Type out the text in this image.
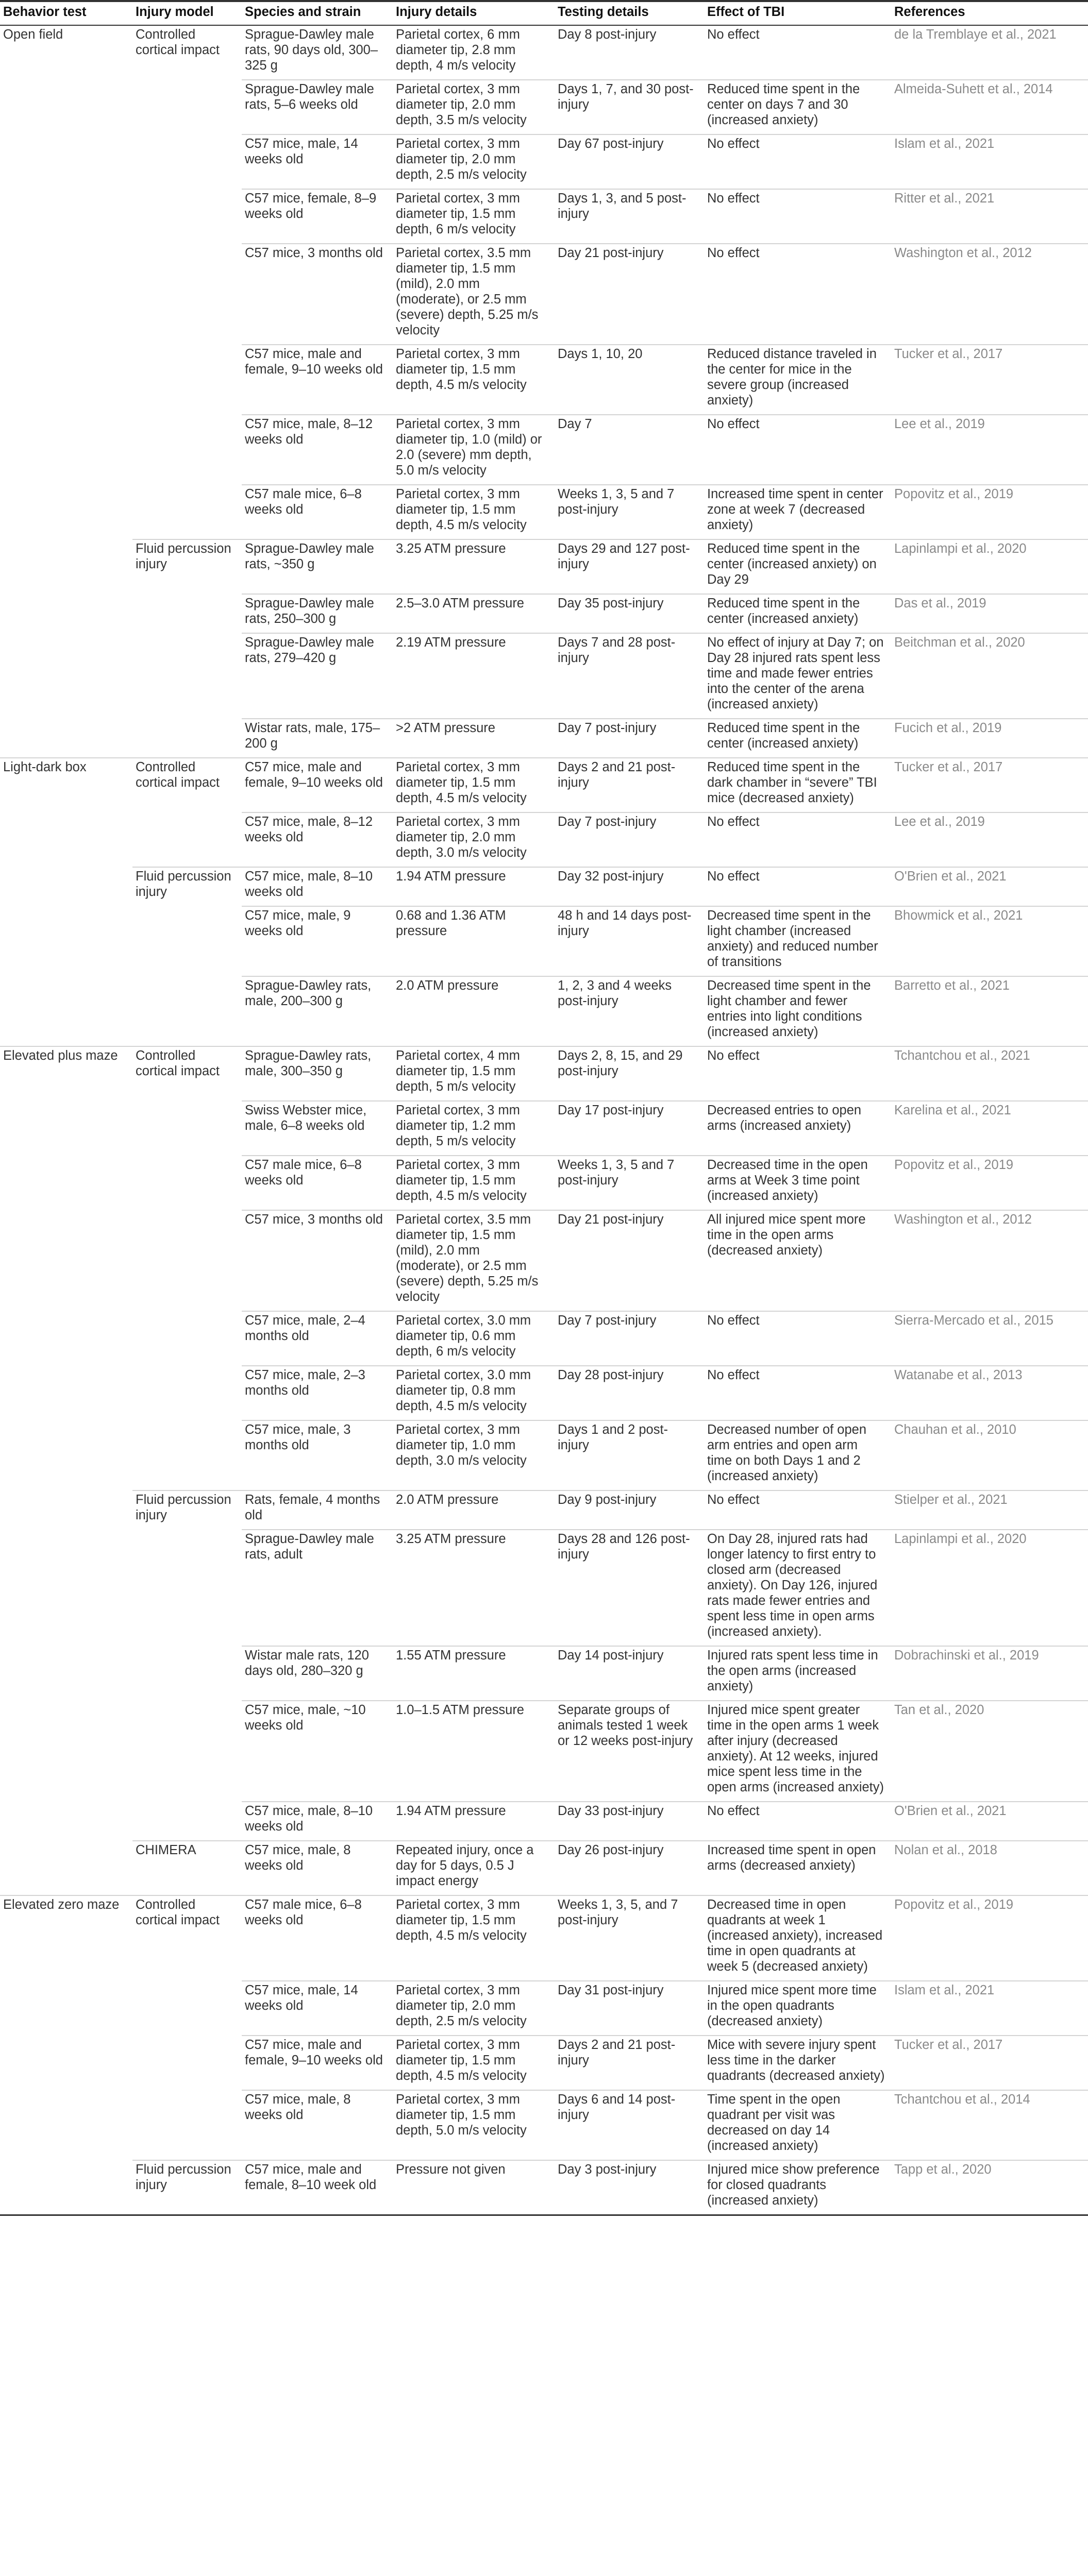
Behavior test	Injury model	Species and strain	Injury details	Testing details	Effect of TBI	References
Open field	Controlled cortical impact	Sprague-Dawley male rats, 90 days old, 300–325 g	Parietal cortex, 6 mm diameter tip, 2.8 mm depth, 4 m/s velocity	Day 8 post-injury	No effect	de la Tremblaye et al., 2021
		Sprague-Dawley male rats, 5–6 weeks old	Parietal cortex, 3 mm diameter tip, 2.0 mm depth, 3.5 m/s velocity	Days 1, 7, and 30 post-injury	Reduced time spent in the center on days 7 and 30 (increased anxiety)	Almeida-Suhett et al., 2014
		C57 mice, male, 14 weeks old	Parietal cortex, 3 mm diameter tip, 2.0 mm depth, 2.5 m/s velocity	Day 67 post-injury	No effect	Islam et al., 2021
		C57 mice, female, 8–9 weeks old	Parietal cortex, 3 mm diameter tip, 1.5 mm depth, 6 m/s velocity	Days 1, 3, and 5 post-injury	No effect	Ritter et al., 2021
		C57 mice, 3 months old	Parietal cortex, 3.5 mm diameter tip, 1.5 mm (mild), 2.0 mm (moderate), or 2.5 mm (severe) depth, 5.25 m/s velocity	Day 21 post-injury	No effect	Washington et al., 2012
		C57 mice, male and female, 9–10 weeks old	Parietal cortex, 3 mm diameter tip, 1.5 mm depth, 4.5 m/s velocity	Days 1, 10, 20	Reduced distance traveled in the center for mice in the severe group (increased anxiety)	Tucker et al., 2017
		C57 mice, male, 8–12 weeks old	Parietal cortex, 3 mm diameter tip, 1.0 (mild) or 2.0 (severe) mm depth, 5.0 m/s velocity	Day 7	No effect	Lee et al., 2019
		C57 male mice, 6–8 weeks old	Parietal cortex, 3 mm diameter tip, 1.5 mm depth, 4.5 m/s velocity	Weeks 1, 3, 5 and 7 post-injury	Increased time spent in center zone at week 7 (decreased anxiety)	Popovitz et al., 2019
	Fluid percussion injury	Sprague-Dawley male rats, ~350 g	3.25 ATM pressure	Days 29 and 127 post-injury	Reduced time spent in the center (increased anxiety) on Day 29	Lapinlampi et al., 2020
		Sprague-Dawley male rats, 250–300 g	2.5–3.0 ATM pressure	Day 35 post-injury	Reduced time spent in the center (increased anxiety)	Das et al., 2019
		Sprague-Dawley male rats, 279–420 g	2.19 ATM pressure	Days 7 and 28 post-injury	No effect of injury at Day 7; on Day 28 injured rats spent less time and made fewer entries into the center of the arena (increased anxiety)	Beitchman et al., 2020
		Wistar rats, male, 175–200 g	>2 ATM pressure	Day 7 post-injury	Reduced time spent in the center (increased anxiety)	Fucich et al., 2019
Light-dark box	Controlled cortical impact	C57 mice, male and female, 9–10 weeks old	Parietal cortex, 3 mm diameter tip, 1.5 mm depth, 4.5 m/s velocity	Days 2 and 21 post-injury	Reduced time spent in the dark chamber in “severe” TBI mice (decreased anxiety)	Tucker et al., 2017
		C57 mice, male, 8–12 weeks old	Parietal cortex, 3 mm diameter tip, 2.0 mm depth, 3.0 m/s velocity	Day 7 post-injury	No effect	Lee et al., 2019
	Fluid percussion injury	C57 mice, male, 8–10 weeks old	1.94 ATM pressure	Day 32 post-injury	No effect	O'Brien et al., 2021
		C57 mice, male, 9 weeks old	0.68 and 1.36 ATM pressure	48 h and 14 days post-injury	Decreased time spent in the light chamber (increased anxiety) and reduced number of transitions	Bhowmick et al., 2021
		Sprague-Dawley rats, male, 200–300 g	2.0 ATM pressure	1, 2, 3 and 4 weeks post-injury	Decreased time spent in the light chamber and fewer entries into light conditions (increased anxiety)	Barretto et al., 2021
Elevated plus maze	Controlled cortical impact	Sprague-Dawley rats, male, 300–350 g	Parietal cortex, 4 mm diameter tip, 1.5 mm depth, 5 m/s velocity	Days 2, 8, 15, and 29 post-injury	No effect	Tchantchou et al., 2021
		Swiss Webster mice, male, 6–8 weeks old	Parietal cortex, 3 mm diameter tip, 1.2 mm depth, 5 m/s velocity	Day 17 post-injury	Decreased entries to open arms (increased anxiety)	Karelina et al., 2021
		C57 male mice, 6–8 weeks old	Parietal cortex, 3 mm diameter tip, 1.5 mm depth, 4.5 m/s velocity	Weeks 1, 3, 5 and 7 post-injury	Decreased time in the open arms at Week 3 time point (increased anxiety)	Popovitz et al., 2019
		C57 mice, 3 months old	Parietal cortex, 3.5 mm diameter tip, 1.5 mm (mild), 2.0 mm (moderate), or 2.5 mm (severe) depth, 5.25 m/s velocity	Day 21 post-injury	All injured mice spent more time in the open arms (decreased anxiety)	Washington et al., 2012
		C57 mice, male, 2–4 months old	Parietal cortex, 3.0 mm diameter tip, 0.6 mm depth, 6 m/s velocity	Day 7 post-injury	No effect	Sierra-Mercado et al., 2015
		C57 mice, male, 2–3 months old	Parietal cortex, 3.0 mm diameter tip, 0.8 mm depth, 4.5 m/s velocity	Day 28 post-injury	No effect	Watanabe et al., 2013
		C57 mice, male, 3 months old	Parietal cortex, 3 mm diameter tip, 1.0 mm depth, 3.0 m/s velocity	Days 1 and 2 post-injury	Decreased number of open arm entries and open arm time on both Days 1 and 2 (increased anxiety)	Chauhan et al., 2010
	Fluid percussion injury	Rats, female, 4 months old	2.0 ATM pressure	Day 9 post-injury	No effect	Stielper et al., 2021
		Sprague-Dawley male rats, adult	3.25 ATM pressure	Days 28 and 126 post-injury	On Day 28, injured rats had longer latency to first entry to closed arm (decreased anxiety). On Day 126, injured rats made fewer entries and spent less time in open arms (increased anxiety).	Lapinlampi et al., 2020
		Wistar male rats, 120 days old, 280–320 g	1.55 ATM pressure	Day 14 post-injury	Injured rats spent less time in the open arms (increased anxiety)	Dobrachinski et al., 2019
		C57 mice, male, ~10 weeks old	1.0–1.5 ATM pressure	Separate groups of animals tested 1 week or 12 weeks post-injury	Injured mice spent greater time in the open arms 1 week after injury (decreased anxiety). At 12 weeks, injured mice spent less time in the open arms (increased anxiety)	Tan et al., 2020
		C57 mice, male, 8–10 weeks old	1.94 ATM pressure	Day 33 post-injury	No effect	O'Brien et al., 2021
	CHIMERA	C57 mice, male, 8 weeks old	Repeated injury, once a day for 5 days, 0.5 J impact energy	Day 26 post-injury	Increased time spent in open arms (decreased anxiety)	Nolan et al., 2018
Elevated zero maze	Controlled cortical impact	C57 male mice, 6–8 weeks old	Parietal cortex, 3 mm diameter tip, 1.5 mm depth, 4.5 m/s velocity	Weeks 1, 3, 5, and 7 post-injury	Decreased time in open quadrants at week 1 (increased anxiety), increased time in open quadrants at week 5 (decreased anxiety)	Popovitz et al., 2019
		C57 mice, male, 14 weeks old	Parietal cortex, 3 mm diameter tip, 2.0 mm depth, 2.5 m/s velocity	Day 31 post-injury	Injured mice spent more time in the open quadrants (decreased anxiety)	Islam et al., 2021
		C57 mice, male and female, 9–10 weeks old	Parietal cortex, 3 mm diameter tip, 1.5 mm depth, 4.5 m/s velocity	Days 2 and 21 post-injury	Mice with severe injury spent less time in the darker quadrants (decreased anxiety)	Tucker et al., 2017
		C57 mice, male, 8 weeks old	Parietal cortex, 3 mm diameter tip, 1.5 mm depth, 5.0 m/s velocity	Days 6 and 14 post-injury	Time spent in the open quadrant per visit was decreased on day 14 (increased anxiety)	Tchantchou et al., 2014
	Fluid percussion injury	C57 mice, male and female, 8–10 week old	Pressure not given	Day 3 post-injury	Injured mice show preference for closed quadrants (increased anxiety)	Tapp et al., 2020
